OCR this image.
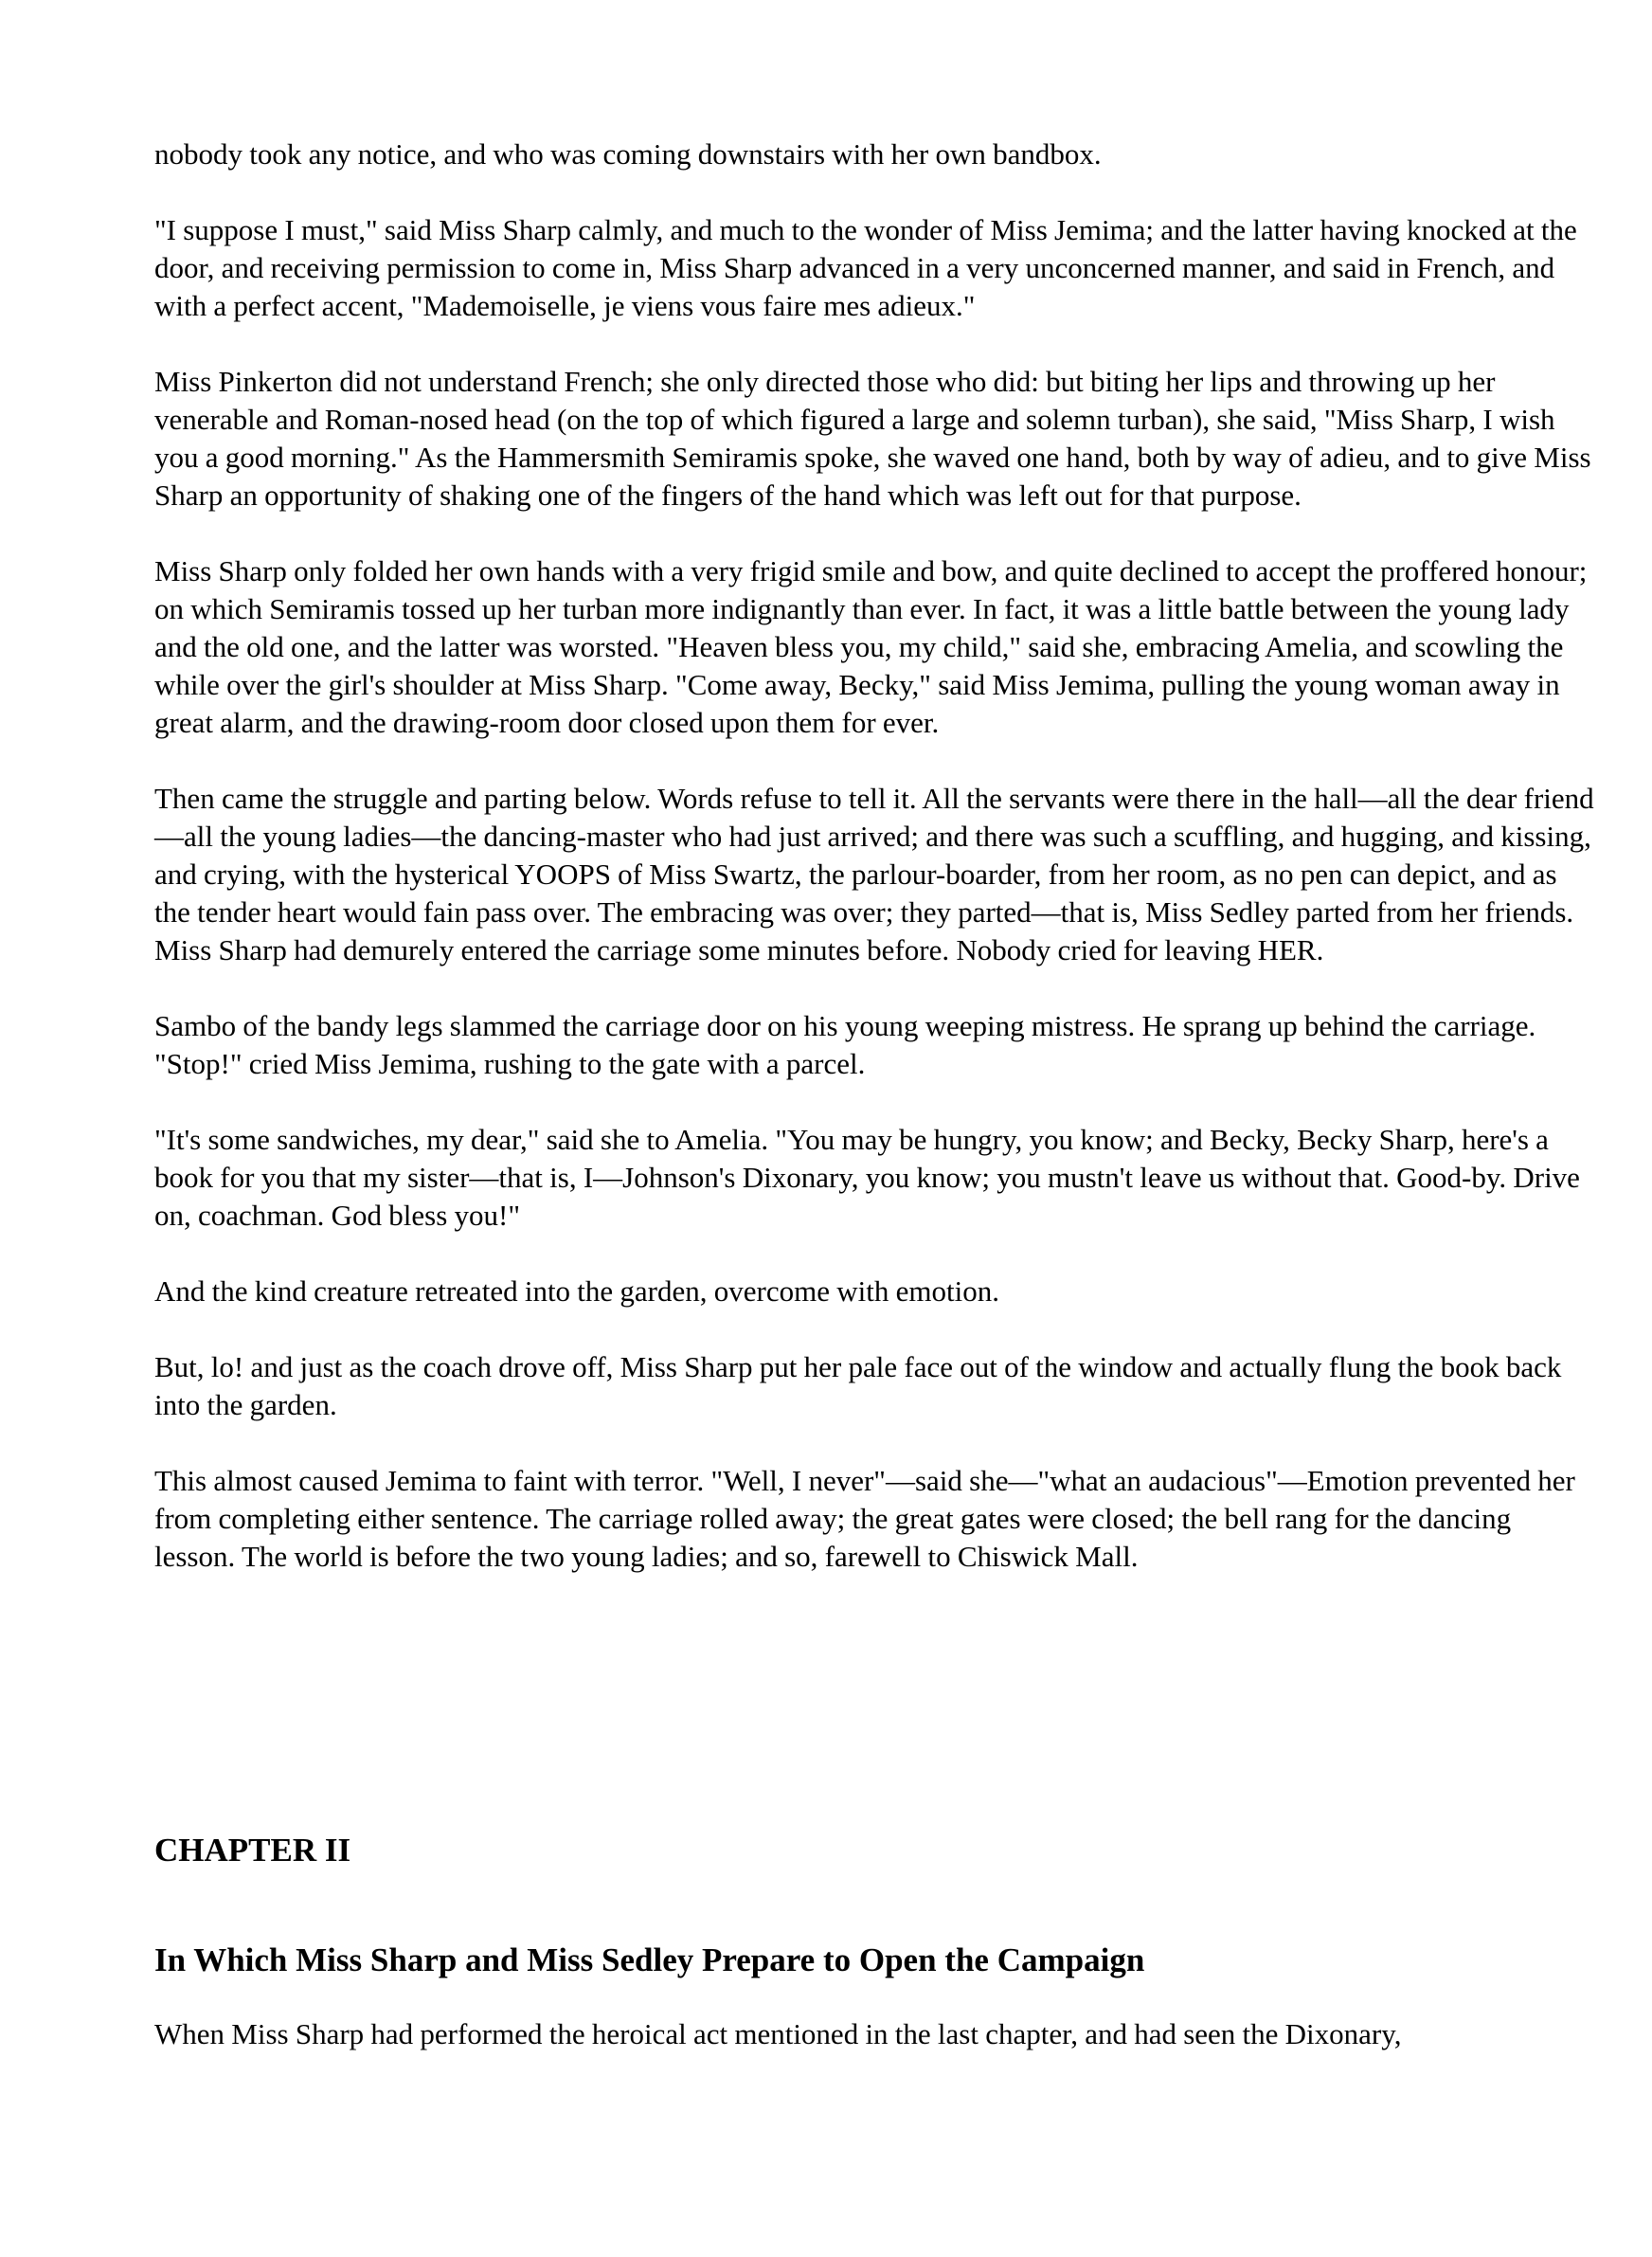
nobody took any notice, and who was coming downstairs with her own bandbox.

"I suppose I must," said Miss Sharp calmly, and much to the wonder of Miss Jemima; and the latter having knocked at the door, and receiving permission to come in, Miss Sharp advanced in a very unconcerned manner, and said in French, and with a perfect accent, "Mademoiselle, je viens vous faire mes adieux."

Miss Pinkerton did not understand French; she only directed those who did: but biting her lips and throwing up her venerable and Roman-nosed head (on the top of which figured a large and solemn turban), she said, "Miss Sharp, I wish you a good morning." As the Hammersmith Semiramis spoke, she waved one hand, both by way of adieu, and to give Miss Sharp an opportunity of shaking one of the fingers of the hand which was left out for that purpose.

Miss Sharp only folded her own hands with a very frigid smile and bow, and quite declined to accept the proffered honour; on which Semiramis tossed up her turban more indignantly than ever. In fact, it was a little battle between the young lady and the old one, and the latter was worsted. "Heaven bless you, my child," said she, embracing Amelia, and scowling the while over the girl's shoulder at Miss Sharp. "Come away, Becky," said Miss Jemima, pulling the young woman away in great alarm, and the drawing-room door closed upon them for ever.

Then came the struggle and parting below. Words refuse to tell it. All the servants were there in the hall—all the dear friend—all the young ladies—the dancing-master who had just arrived; and there was such a scuffling, and hugging, and kissing, and crying, with the hysterical YOOPS of Miss Swartz, the parlour-boarder, from her room, as no pen can depict, and as the tender heart would fain pass over. The embracing was over; they parted—that is, Miss Sedley parted from her friends. Miss Sharp had demurely entered the carriage some minutes before. Nobody cried for leaving HER.

Sambo of the bandy legs slammed the carriage door on his young weeping mistress. He sprang up behind the carriage. "Stop!" cried Miss Jemima, rushing to the gate with a parcel.

"It's some sandwiches, my dear," said she to Amelia. "You may be hungry, you know; and Becky, Becky Sharp, here's a book for you that my sister—that is, I—Johnson's Dixonary, you know; you mustn't leave us without that. Good-by. Drive on, coachman. God bless you!"

And the kind creature retreated into the garden, overcome with emotion.

But, lo! and just as the coach drove off, Miss Sharp put her pale face out of the window and actually flung the book back into the garden.

This almost caused Jemima to faint with terror. "Well, I never"—said she—"what an audacious"—Emotion prevented her from completing either sentence. The carriage rolled away; the great gates were closed; the bell rang for the dancing lesson. The world is before the two young ladies; and so, farewell to Chiswick Mall.

CHAPTER II
In Which Miss Sharp and Miss Sedley Prepare to Open the Campaign

When Miss Sharp had performed the heroical act mentioned in the last chapter, and had seen the Dixonary,
